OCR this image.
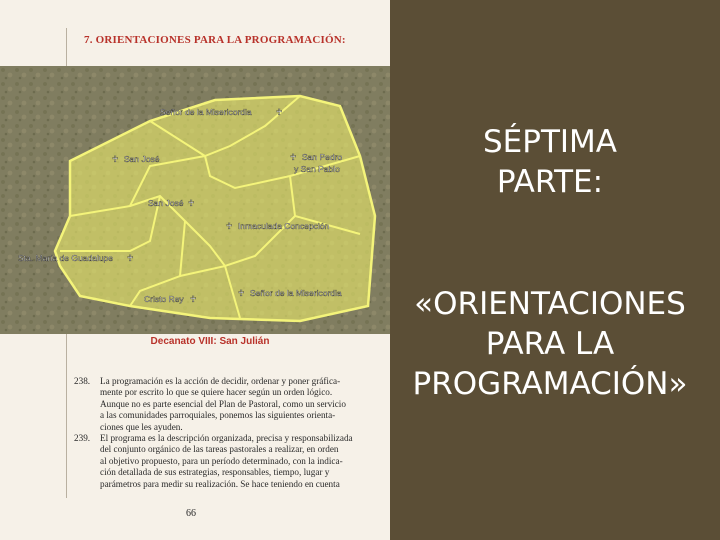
7. ORIENTACIONES PARA LA PROGRAMACIÓN:
Señor de la Misericordia	♰
♰ San José	♰ San Pedro
y San Pablo
San José ♰
♰ Inmaculada Concepción
Sta. María de Guadalupe ♰
♰ Señor de la Misericordia
Cristo Rey ♰
Decanato VIII: San Julián
238. La programación es la acción de decidir, ordenar y poner gráfica-
mente por escrito lo que se quiere hacer según un orden lógico.
Aunque no es parte esencial del Plan de Pastoral, como un servicio
a las comunidades parroquiales, ponemos las siguientes orienta-
ciones que les ayuden.
239. El programa es la descripción organizada, precisa y responsabilizada
del conjunto orgánico de las tareas pastorales a realizar, en orden
al objetivo propuesto, para un período determinado, con la indica-
ción detallada de sus estrategias, responsables, tiempo, lugar y
parámetros para medir su realización. Se hace teniendo en cuenta
66
SÉPTIMA
PARTE:
«ORIENTACIONES
PARA LA
PROGRAMACIÓN»
